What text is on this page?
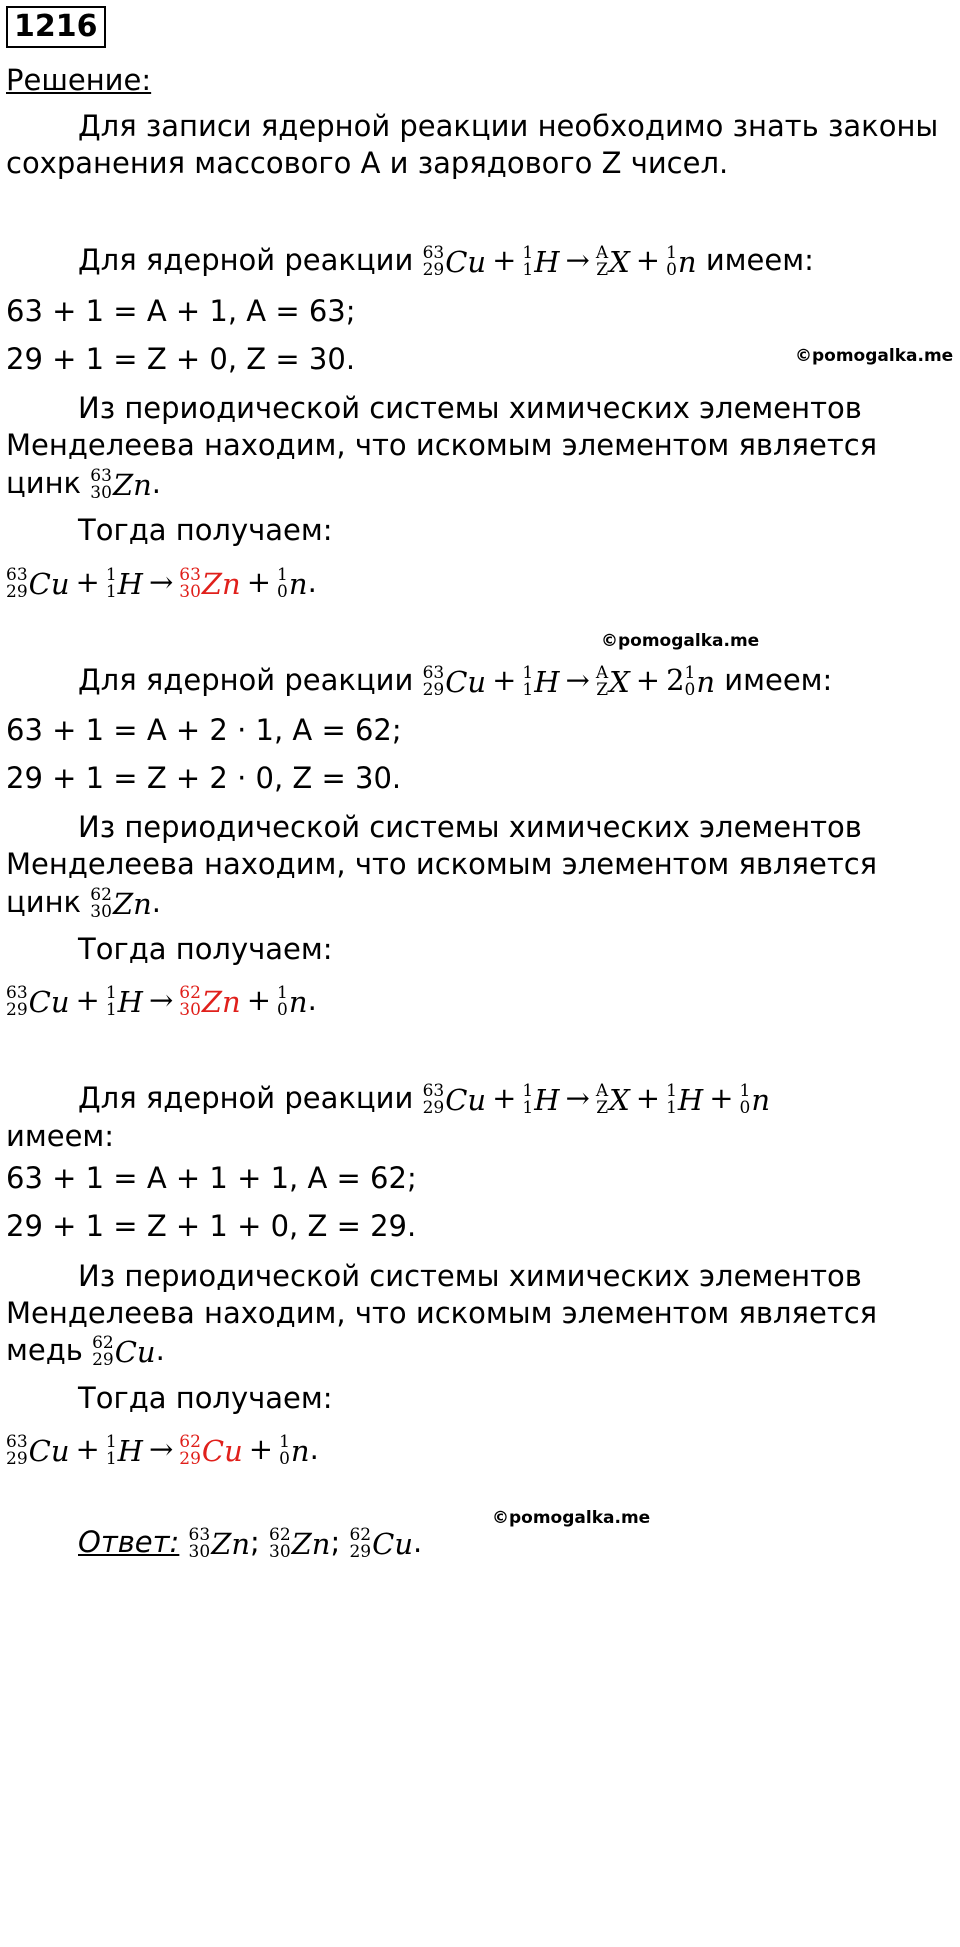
1216
Решение:
Для записи ядерной реакции необходимо знать законы
сохранения массового A и зарядового Z чисел.
Для ядерной реакции 63
29 Cu + 1
1 H → A
Z X + 1
0 n имеем:
63 + 1 = A + 1, A = 63;
29 + 1 = Z + 0, Z = 30.	©pomogalka.me
Из периодической системы химических элементов
Менделеева находим, что искомым элементом является
цинк 63
30 Zn .
Тогда получаем:
©pomogalka.me
63
29 Cu + 1
1 H → 63
30 Zn + 1
0 n .
Для ядерной реакции 63
29 Cu + 1
1 H → A
Z X + 2 1
0 n имеем:
63 + 1 = A + 2 · 1, A = 62;
29 + 1 = Z + 2 · 0, Z = 30.
Из периодической системы химических элементов
Менделеева находим, что искомым элементом является
цинк 62
30 Zn .
Тогда получаем:
63
29 Cu + 1
1 H → 62
30 Zn + 1
0 n .
Для ядерной реакции 63
29 Cu + 1
1 H → A
Z X + 1
1 H + 1
0 n
имеем:
63 + 1 = A + 1 + 1, A = 62;
29 + 1 = Z + 1 + 0, Z = 29.
Из периодической системы химических элементов
Менделеева находим, что искомым элементом является
медь 62
29 Cu .
Тогда получаем:
63
29 Cu + 1
1 H → 62
29 Cu + 1
0 n .
©pomogalka.me
Ответ: 63
30 Zn ; 62
30 Zn ; 62
29 Cu .
